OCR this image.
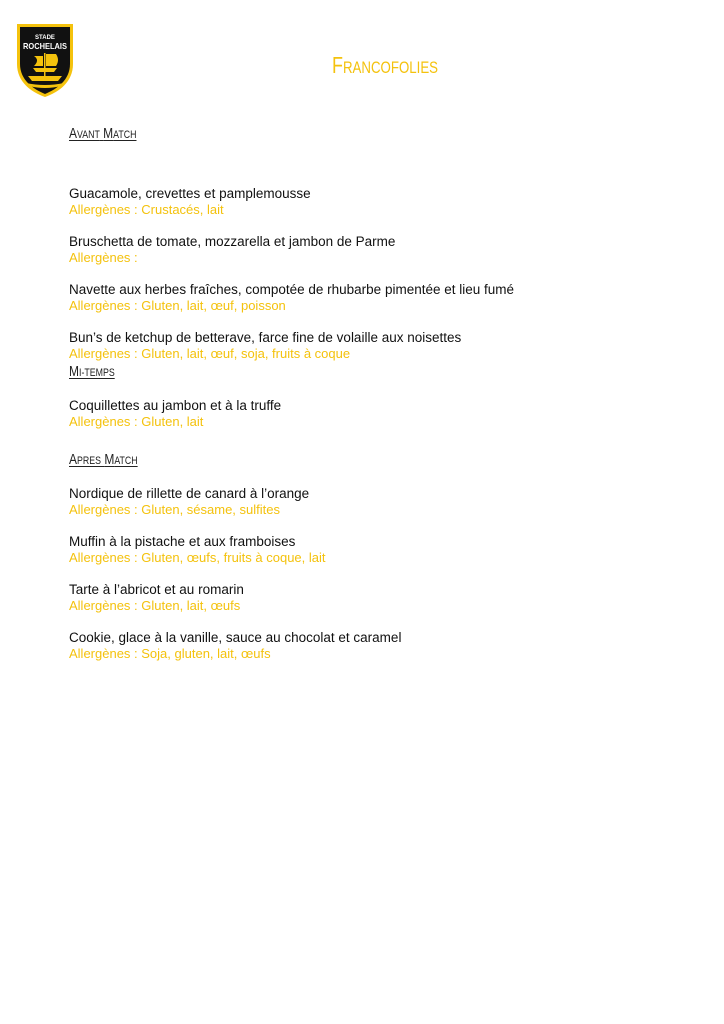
STADE
ROCHELAIS
FRANCOFOLIES
AVANT MATCH
Guacamole, crevettes et pamplemousse
Allergènes : Crustacés, lait
Bruschetta de tomate, mozzarella et jambon de Parme
Allergènes :
Navette aux herbes fraîches, compotée de rhubarbe pimentée et lieu fumé
Allergènes : Gluten, lait, œuf, poisson
Bun’s de ketchup de betterave, farce fine de volaille aux noisettes
Allergènes : Gluten, lait, œuf, soja, fruits à coque
MI-TEMPS
Coquillettes au jambon et à la truffe
Allergènes : Gluten, lait
APRES MATCH
Nordique de rillette de canard à l’orange
Allergènes : Gluten, sésame, sulfites
Muffin à la pistache et aux framboises
Allergènes : Gluten, œufs, fruits à coque, lait
Tarte à l’abricot et au romarin
Allergènes : Gluten, lait, œufs
Cookie, glace à la vanille, sauce au chocolat et caramel
Allergènes : Soja, gluten, lait, œufs
